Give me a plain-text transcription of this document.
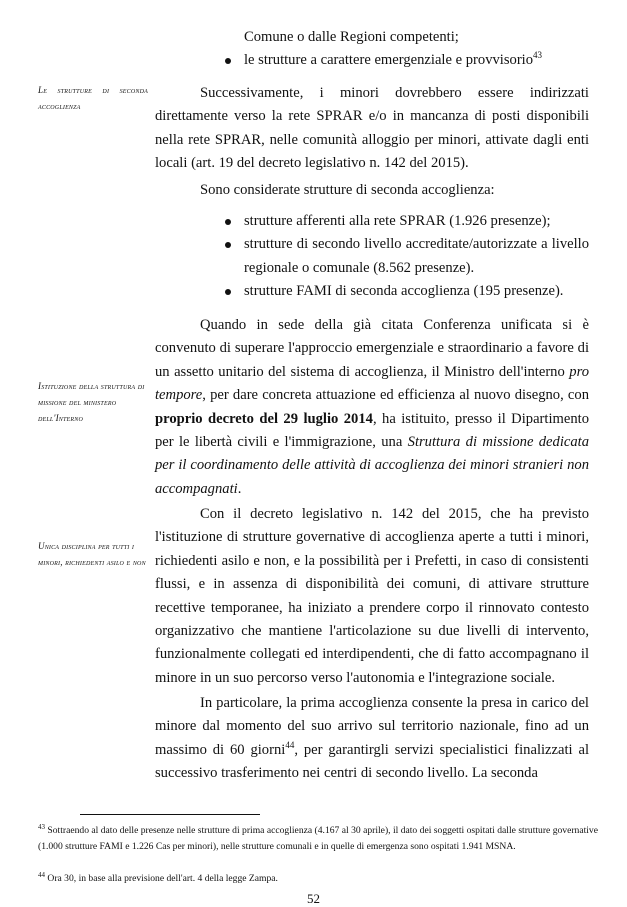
Comune o dalle Regioni competenti;

le strutture a carattere emergenziale e provvisorio$^{43}$

Successivamente, i minori dovrebbero essere indirizzati direttamente verso la rete SPRAR e/o in mancanza di posti disponibili nella rete SPRAR, nelle comunità alloggio per minori, attivate dagli enti locali (art. 19 del decreto legislativo n. 142 del 2015).

Sono considerate strutture di seconda accoglienza:

strutture afferenti alla rete SPRAR (1.926 presenze);

strutture di secondo livello accreditate/autorizzate a livello regionale o comunale (8.562 presenze).

strutture FAMI di seconda accoglienza (195 presenze).

Quando in sede della già citata Conferenza unificata si è convenuto di superare l'approccio emergenziale e straordinario a favore di un assetto unitario del sistema di accoglienza, il Ministro dell'interno pro tempore, per dare concreta attuazione ed efficienza al nuovo disegno, con proprio decreto del 29 luglio 2014, ha istituito, presso il Dipartimento per le libertà civili e l'immigrazione, una Struttura di missione dedicata per il coordinamento delle attività di accoglienza dei minori stranieri non accompagnati.

Con il decreto legislativo n. 142 del 2015, che ha previsto l'istituzione di strutture governative di accoglienza aperte a tutti i minori, richiedenti asilo e non, e la possibilità per i Prefetti, in caso di consistenti flussi, e in assenza di disponibilità dei comuni, di attivare strutture recettive temporanee, ha iniziato a prendere corpo il rinnovato contesto organizzativo che mantiene l'articolazione su due livelli di intervento, funzionalmente collegati ed interdipendenti, che di fatto accompagnano il minore in un suo percorso verso l'autonomia e l'integrazione sociale.

In particolare, la prima accoglienza consente la presa in carico del minore dal momento del suo arrivo sul territorio nazionale, fino ad un massimo di 60 giorni$^{44}$, per garantirgli servizi specialistici finalizzati al successivo trasferimento nei centri di secondo livello. La seconda

Le strutture di seconda accoglienza
Istituzione della struttura di missione del ministero dell'Interno
Unica disciplina per tutti i minori, richiedenti asilo e non
$^{43}$ Sottraendo al dato delle presenze nelle strutture di prima accoglienza (4.167 al 30 aprile), il dato dei soggetti ospitati dalle strutture governative (1.000 strutture FAMI e 1.226 Cas per minori), nelle strutture comunali e in quelle di emergenza sono ospitati 1.941 MSNA.
$^{44}$ Ora 30, in base alla previsione dell'art. 4 della legge Zampa.
52
